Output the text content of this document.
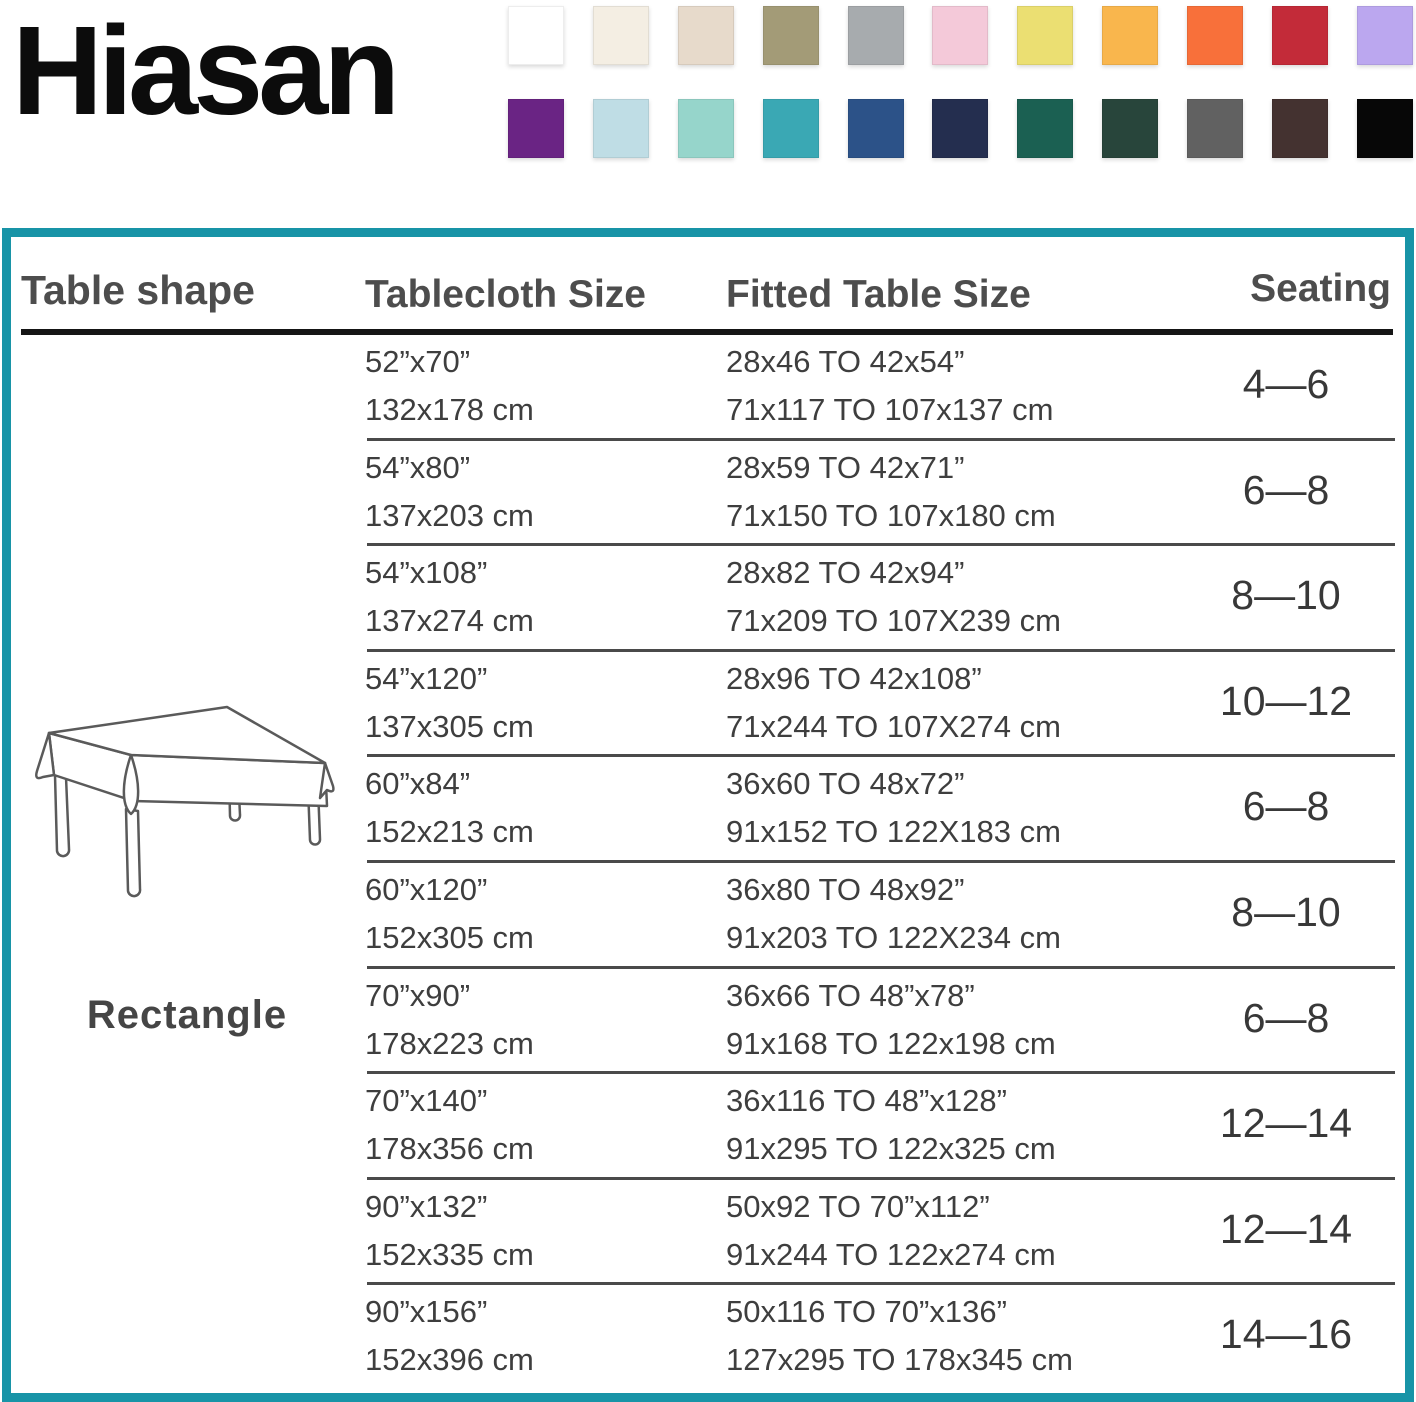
Hiasan
Table shape	Tablecloth Size Fitted Table Size	Seating
Rectangle
52”x70”
132x178 cm
28x46 TO 42x54”
71x117 TO 107x137 cm
4—6
54”x80”
137x203 cm
28x59 TO 42x71”
71x150 TO 107x180 cm
6—8
54”x108”
137x274 cm
28x82 TO 42x94”
71x209 TO 107X239 cm
8—10
54”x120”
137x305 cm
28x96 TO 42x108”
71x244 TO 107X274 cm
10—12
60”x84”
152x213 cm
36x60 TO 48x72”
91x152 TO 122X183 cm
6—8
60”x120”
152x305 cm
36x80 TO 48x92”
91x203 TO 122X234 cm
8—10
70”x90”
178x223 cm
36x66 TO 48”x78”
91x168 TO 122x198 cm
6—8
70”x140”
178x356 cm
36x116 TO 48”x128”
91x295 TO 122x325 cm
12—14
90”x132”
152x335 cm
50x92 TO 70”x112”
91x244 TO 122x274 cm
12—14
90”x156”
152x396 cm
50x116 TO 70”x136”
127x295 TO 178x345 cm
14—16
